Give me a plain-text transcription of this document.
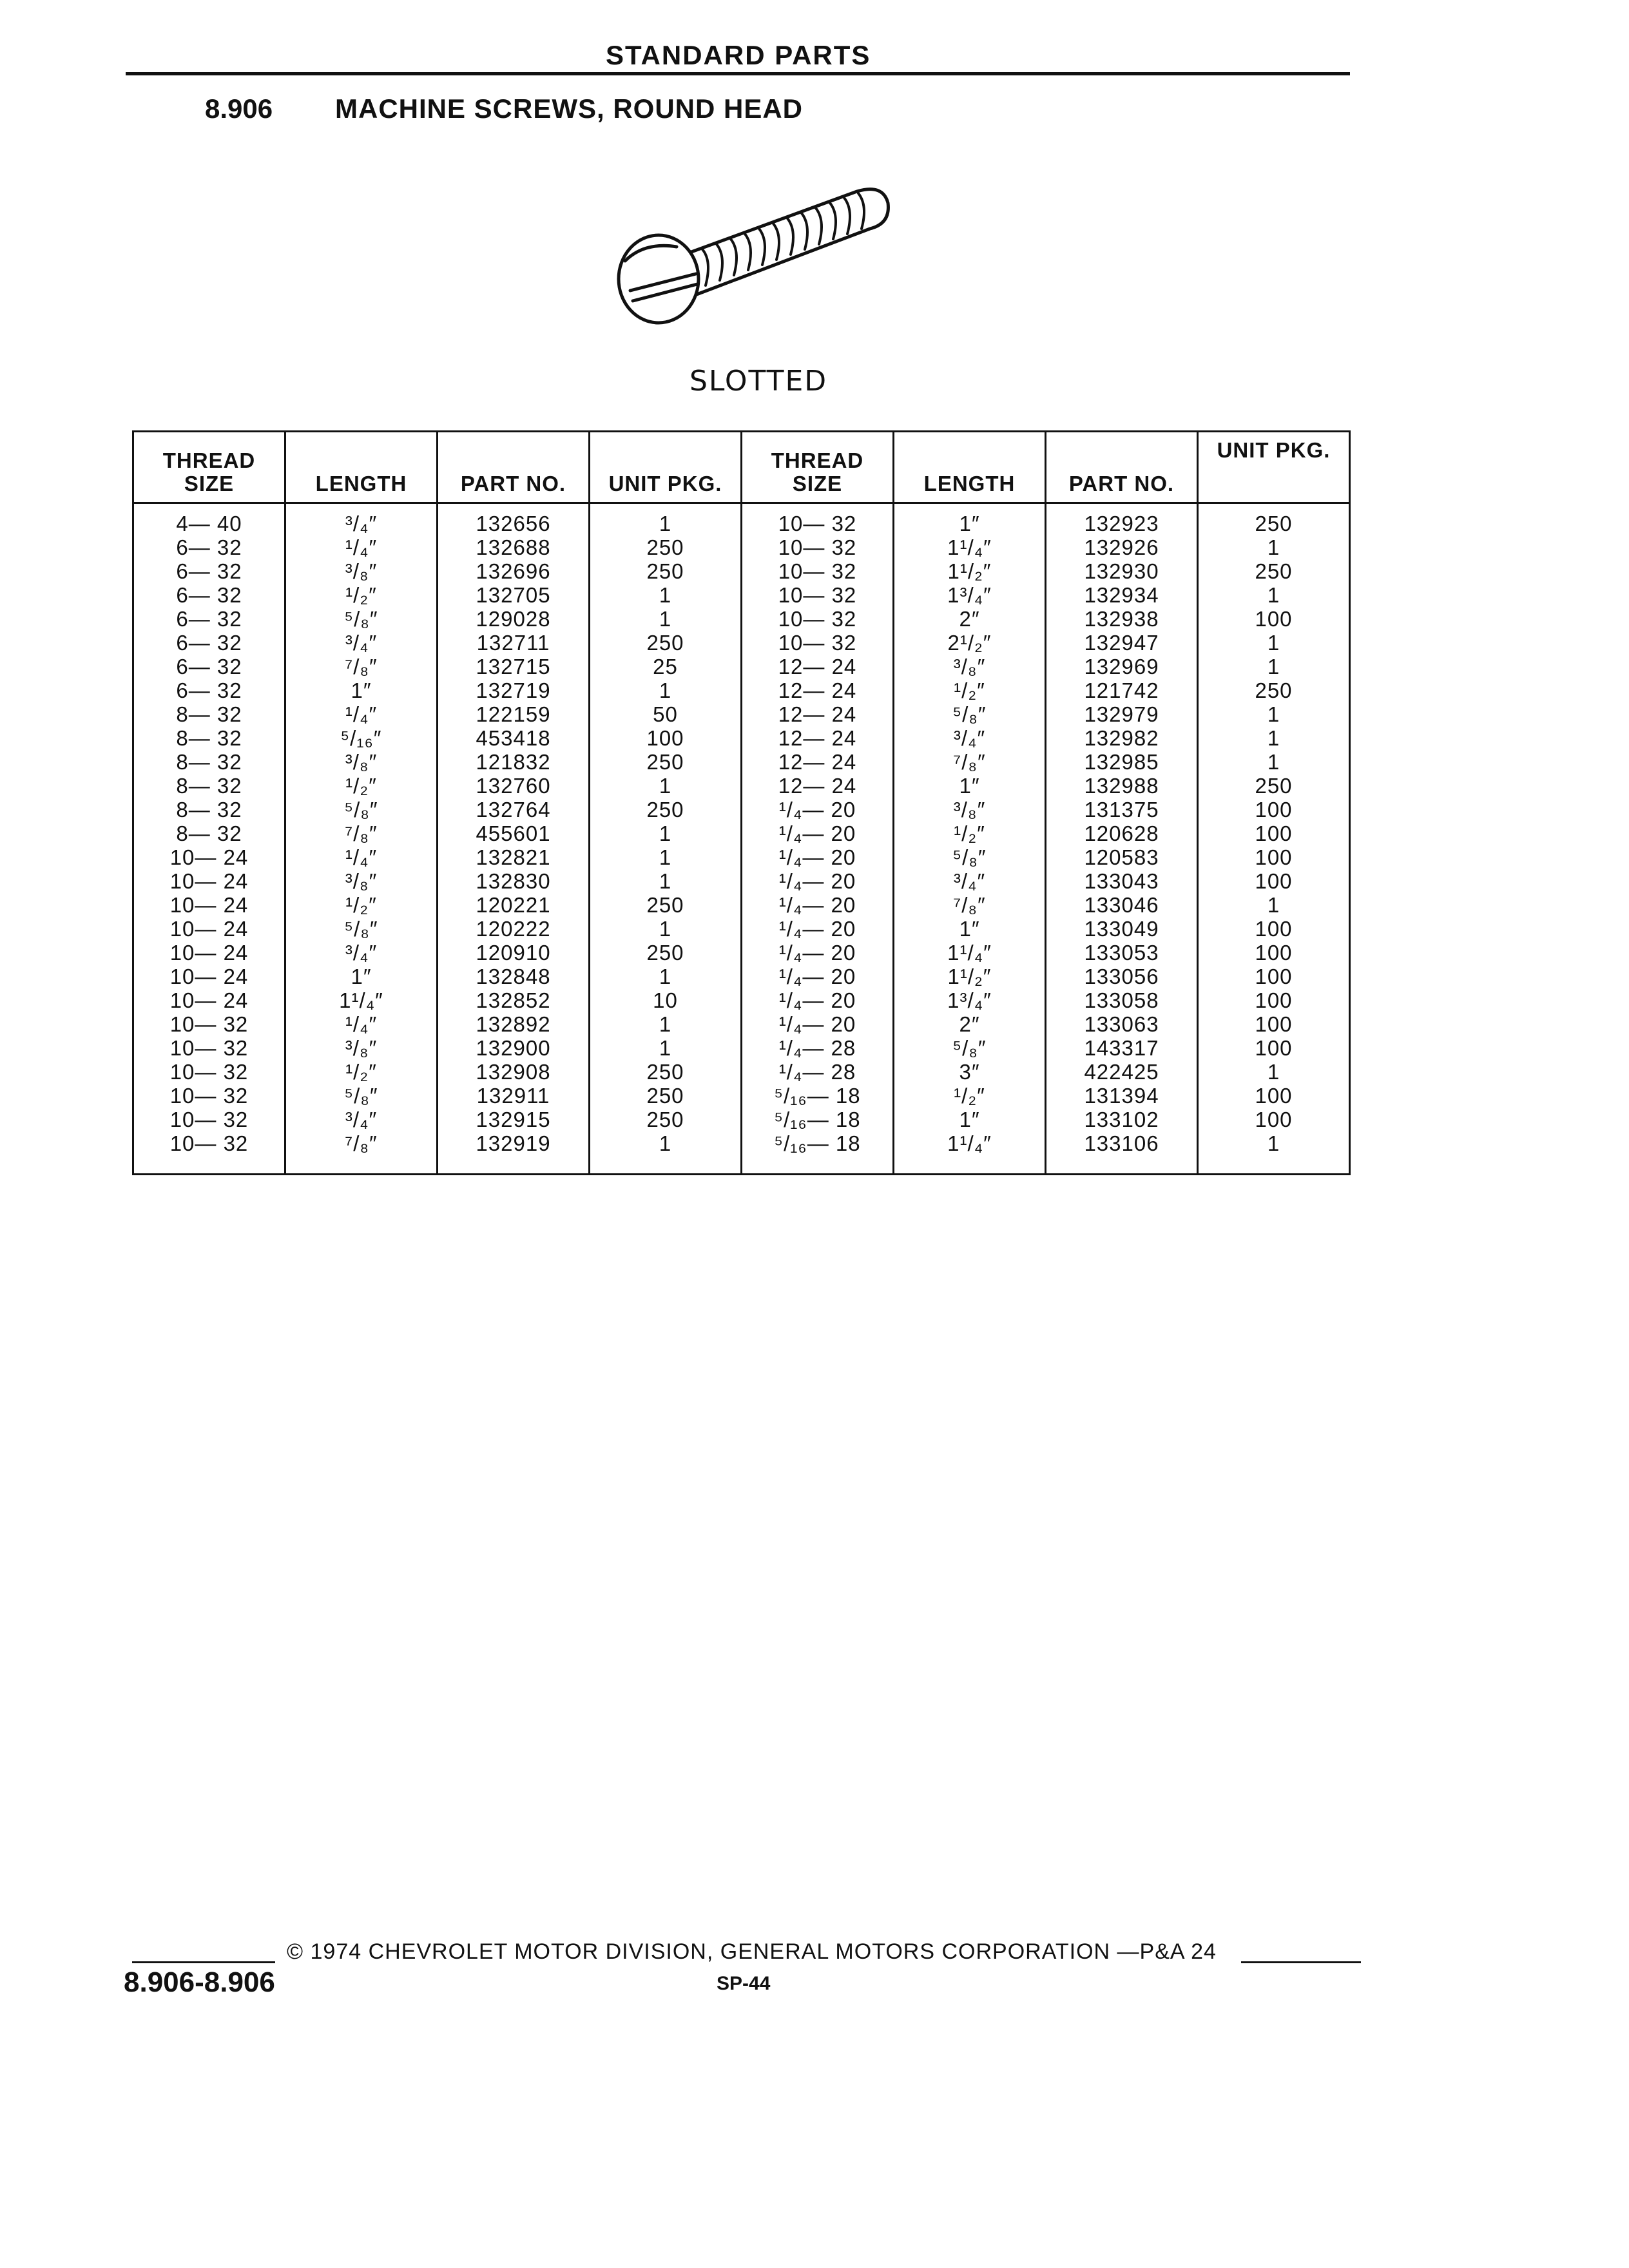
STANDARD PARTS
8.906 MACHINE SCREWS, ROUND HEAD
SLOTTED
THREAD SIZE	LENGTH	PART NO.	UNIT PKG.	THREAD SIZE	LENGTH	PART NO.	UNIT PKG.
4— 40	³/₄″	132656	1	10— 32	1″	132923	250
6— 32	¹/₄″	132688	250	10— 32	1¹/₄″	132926	1
6— 32	³/₈″	132696	250	10— 32	1¹/₂″	132930	250
6— 32	¹/₂″	132705	1	10— 32	1³/₄″	132934	1
6— 32	⁵/₈″	129028	1	10— 32	2″	132938	100
6— 32	³/₄″	132711	250	10— 32	2¹/₂″	132947	1
6— 32	⁷/₈″	132715	25	12— 24	³/₈″	132969	1
6— 32	1″	132719	1	12— 24	¹/₂″	121742	250
8— 32	¹/₄″	122159	50	12— 24	⁵/₈″	132979	1
8— 32	⁵/₁₆″	453418	100	12— 24	³/₄″	132982	1
8— 32	³/₈″	121832	250	12— 24	⁷/₈″	132985	1
8— 32	¹/₂″	132760	1	12— 24	1″	132988	250
8— 32	⁵/₈″	132764	250	¹/₄— 20	³/₈″	131375	100
8— 32	⁷/₈″	455601	1	¹/₄— 20	¹/₂″	120628	100
10— 24	¹/₄″	132821	1	¹/₄— 20	⁵/₈″	120583	100
10— 24	³/₈″	132830	1	¹/₄— 20	³/₄″	133043	100
10— 24	¹/₂″	120221	250	¹/₄— 20	⁷/₈″	133046	1
10— 24	⁵/₈″	120222	1	¹/₄— 20	1″	133049	100
10— 24	³/₄″	120910	250	¹/₄— 20	1¹/₄″	133053	100
10— 24	1″	132848	1	¹/₄— 20	1¹/₂″	133056	100
10— 24	1¹/₄″	132852	10	¹/₄— 20	1³/₄″	133058	100
10— 32	¹/₄″	132892	1	¹/₄— 20	2″	133063	100
10— 32	³/₈″	132900	1	¹/₄— 28	⁵/₈″	143317	100
10— 32	¹/₂″	132908	250	¹/₄— 28	3″	422425	1
10— 32	⁵/₈″	132911	250	⁵/₁₆— 18	¹/₂″	131394	100
10— 32	³/₄″	132915	250	⁵/₁₆— 18	1″	133102	100
10— 32	⁷/₈″	132919	1	⁵/₁₆— 18	1¹/₄″	133106	1

© 1974 CHEVROLET MOTOR DIVISION, GENERAL MOTORS CORPORATION —P&A 24
8.906-8.906	SP-44
